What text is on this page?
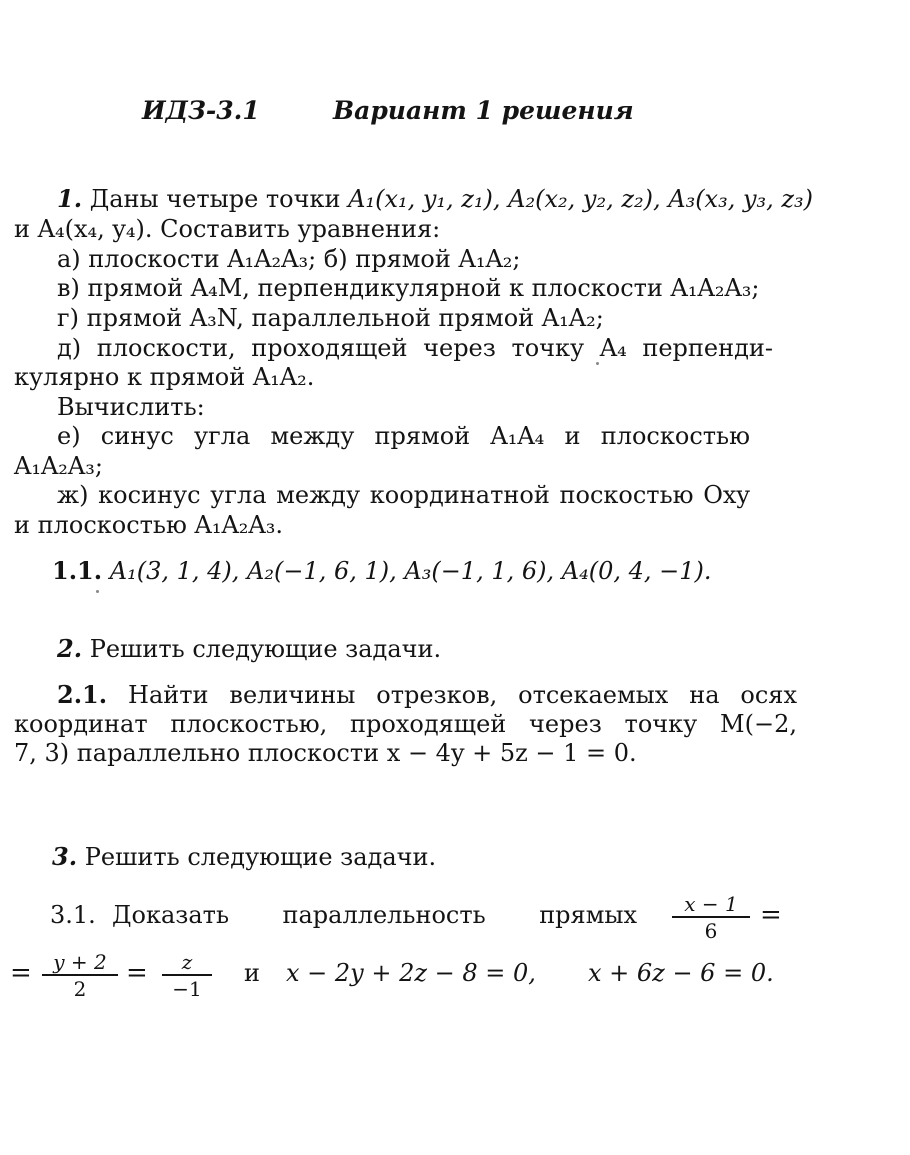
ИДЗ-3.1	Вариант 1 решения
1. Даны четыре точки A₁(x₁, y₁, z₁), A₂(x₂, y₂, z₂), A₃(x₃, y₃, z₃)
и A₄(x₄, y₄). Составить уравнения:
а) плоскости A₁A₂A₃; б) прямой A₁A₂;
в) прямой A₄M, перпендикулярной к плоскости A₁A₂A₃;
г) прямой A₃N, параллельной прямой A₁A₂;
д) плоскости, проходящей через точку A₄ перпенди-
кулярно к прямой A₁A₂.
Вычислить:
е) синус угла между прямой A₁A₄ и плоскостью
A₁A₂A₃;
ж) косинус угла между координатной поскостью Oxy
и плоскостью A₁A₂A₃.
1.1. A₁(3, 1, 4), A₂(−1, 6, 1), A₃(−1, 1, 6), A₄(0, 4, −1).
2. Решить следующие задачи.
2.1. Найти величины отрезков, отсекаемых на осях
координат плоскостью, проходящей через точку M(−2,
7, 3) параллельно плоскости x − 4y + 5z − 1 = 0.
3. Решить следующие задачи.
3.1. Доказать параллельность прямых $\frac{x - 1}{6}$ =
= $\frac{y + 2}{2} = \frac{z}{-1}$ и x − 2y + 2z − 8 = 0, x + 6z − 6 = 0.
